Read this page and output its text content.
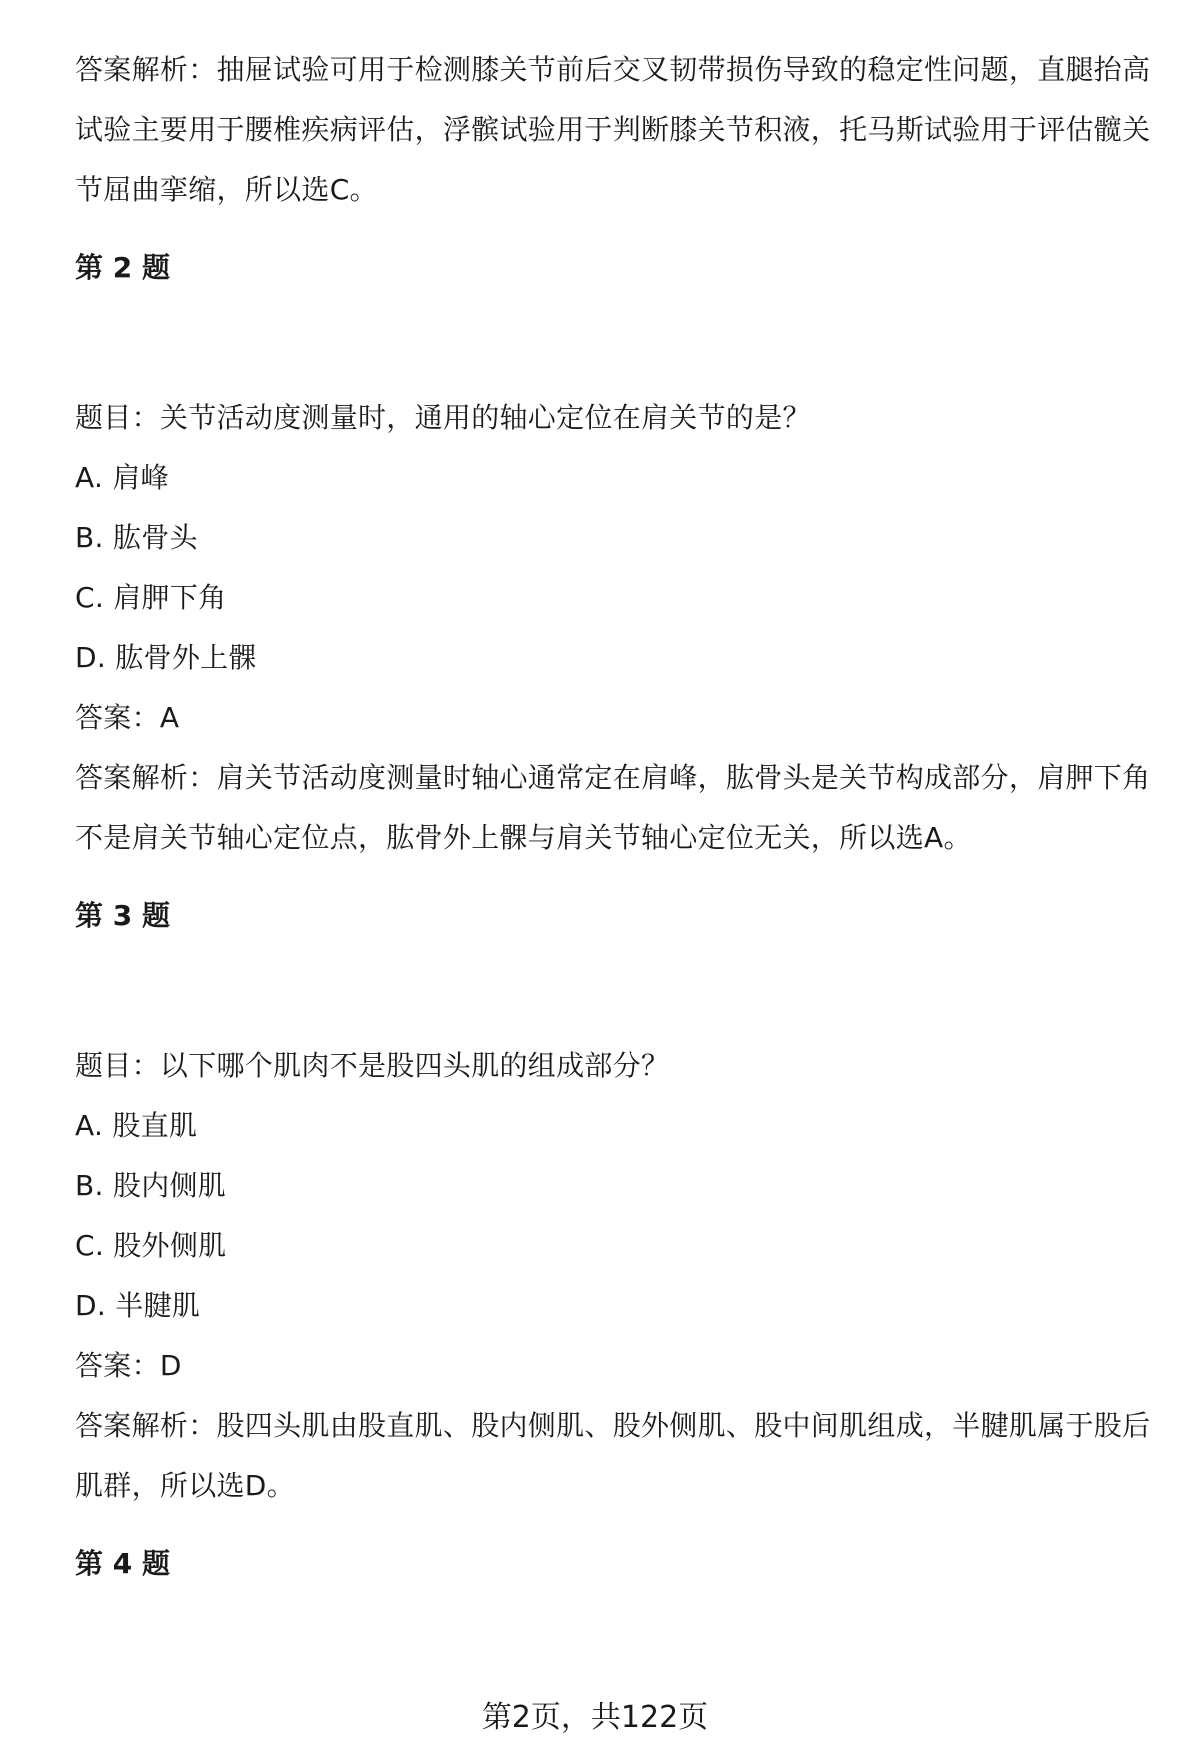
答案解析：抽屉试验可用于检测膝关节前后交叉韧带损伤导致的稳定性问题，直腿抬高试验主要用于腰椎疾病评估，浮髌试验用于判断膝关节积液，托马斯试验用于评估髋关节屈曲挛缩，所以选C。

第 2 题

题目：关节活动度测量时，通用的轴心定位在肩关节的是？

A. 肩峰

B. 肱骨头

C. 肩胛下角

D. 肱骨外上髁

答案：A

答案解析：肩关节活动度测量时轴心通常定在肩峰，肱骨头是关节构成部分，肩胛下角不是肩关节轴心定位点，肱骨外上髁与肩关节轴心定位无关，所以选A。

第 3 题

题目：以下哪个肌肉不是股四头肌的组成部分？

A. 股直肌

B. 股内侧肌

C. 股外侧肌

D. 半腱肌

答案：D

答案解析：股四头肌由股直肌、股内侧肌、股外侧肌、股中间肌组成，半腱肌属于股后肌群，所以选D。

第 4 题
第2页，共122页
